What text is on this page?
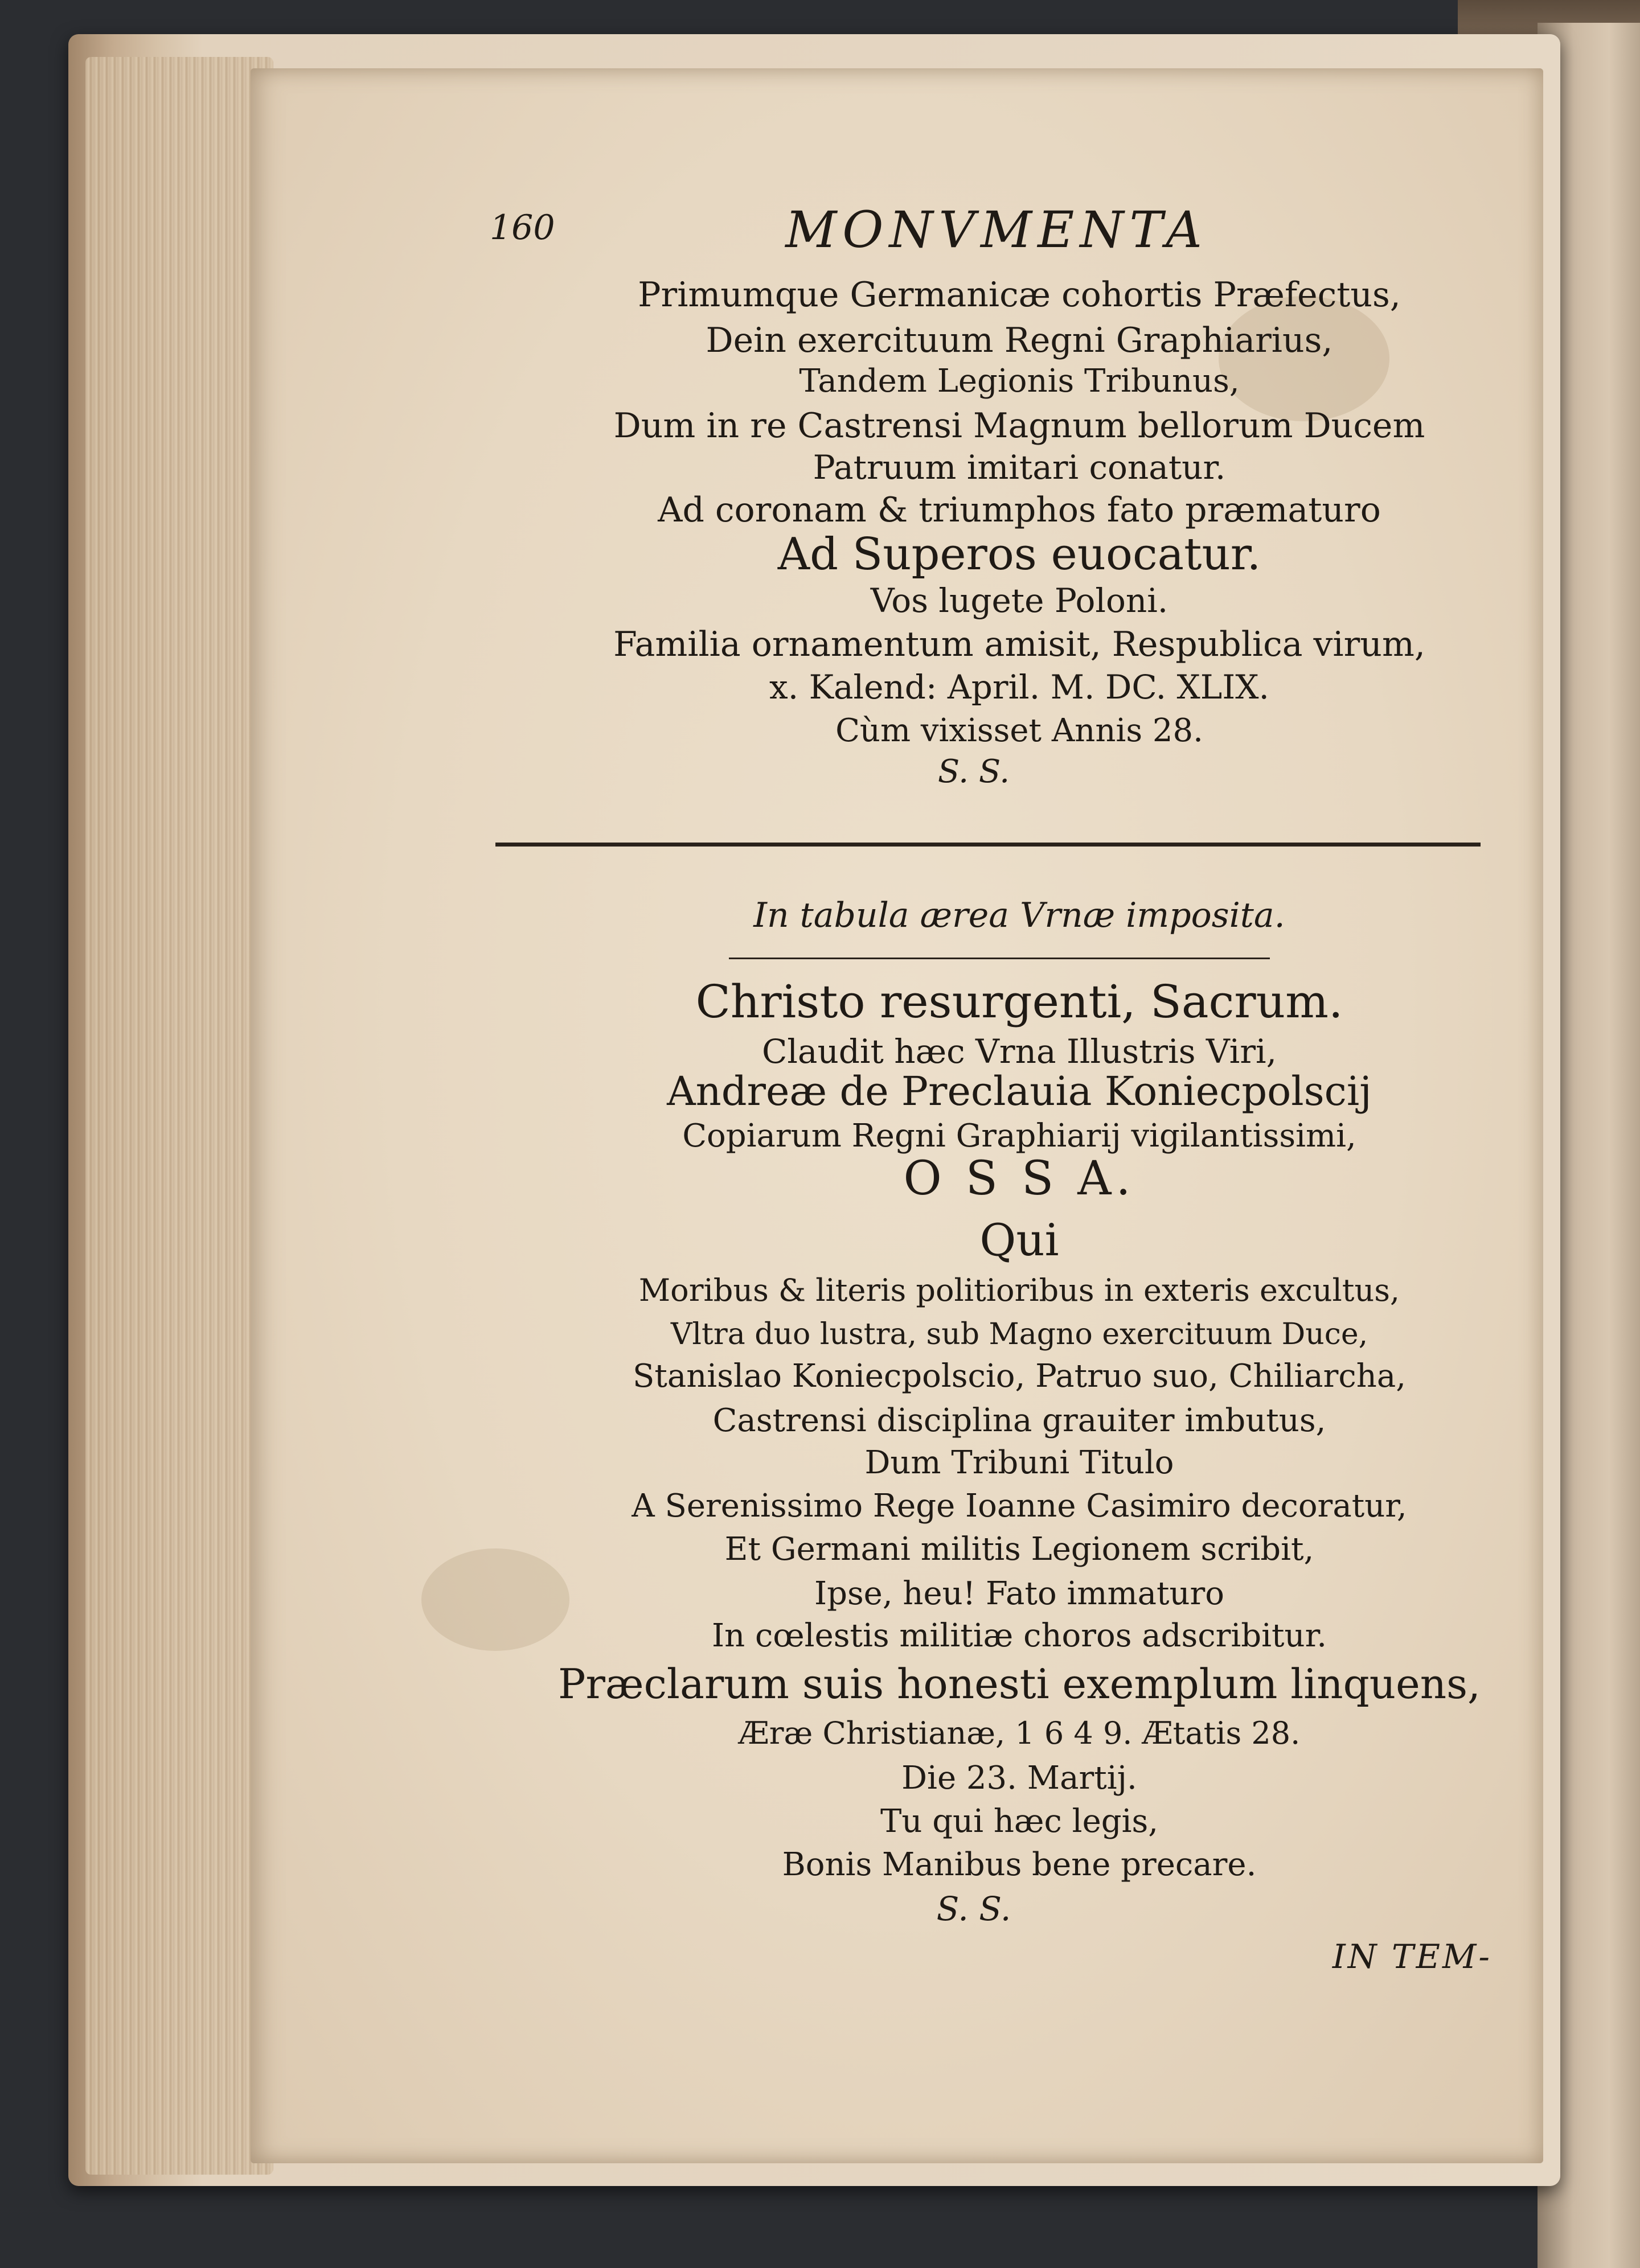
160	MONVMENTA
Primumque Germanicæ cohortis Præfectus,
Dein exercituum Regni Graphiarius,
Tandem Legionis Tribunus,
Dum in re Castrensi Magnum bellorum Ducem
Patruum imitari conatur.
Ad coronam & triumphos fato præmaturo
Ad Superos euocatur.
Vos lugete Poloni.
Familia ornamentum amisit, Respublica virum,
x. Kalend: April. M. DC. XLIX.
Cùm vixisset Annis 28.
S. S.
In tabula ærea Vrnæ imposita.
Christo resurgenti, Sacrum.
Claudit hæc Vrna Illustris Viri,
Andreæ de Preclauia Koniecpolscij
Copiarum Regni Graphiarij vigilantissimi,
O S S A.
Qui
Moribus & literis politioribus in exteris excultus,
Vltra duo lustra, sub Magno exercituum Duce,
Stanislao Koniecpolscio, Patruo suo, Chiliarcha,
Castrensi disciplina grauiter imbutus,
Dum Tribuni Titulo
A Serenissimo Rege Ioanne Casimiro decoratur,
Et Germani militis Legionem scribit,
Ipse, heu! Fato immaturo
In cœlestis militiæ choros adscribitur.
Præclarum suis honesti exemplum linquens,
Æræ Christianæ, 1 6 4 9. Ætatis 28.
Die 23. Martij.
Tu qui hæc legis,
Bonis Manibus bene precare.
S. S.
IN TEM-
